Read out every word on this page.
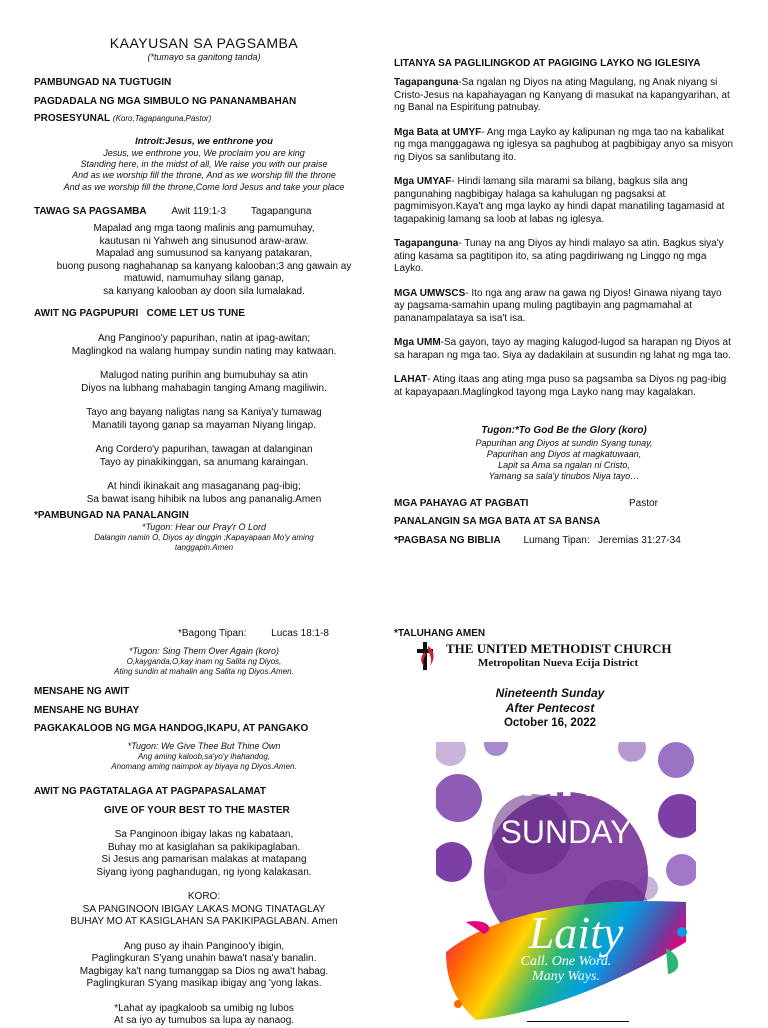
KAAYUSAN SA PAGSAMBA
(*tumayo sa ganitong tanda)
PAMBUNGAD NA TUGTUGIN
PAGDADALA NG MGA SIMBULO NG PANANAMBAHAN
PROSESYUNAL (Koro,Tagapanguna,Pastor)
Introit:Jesus, we enthrone you
Jesus, we enthrone you, We proclaim you are king
Standing here, in the midst of all, We raise you with our praise
And as we worship fill the throne, And as we worship fill the throne
And as we worship fill the throne,Come lord Jesus and take your place
TAWAG SA PAGSAMBA Awit 119:1-3 Tagapanguna
Mapalad ang mga taong malinis ang pamumuhay,
kautusan ni Yahweh ang sinusunod araw-araw.
Mapalad ang sumusunod sa kanyang patakaran,
buong pusong naghahanap sa kanyang kalooban;3 ang gawain ay
matuwid, namumuhay silang ganap,
sa kanyang kalooban ay doon sila lumalakad.
AWIT NG PAGPUPURI   COME LET US TUNE
Ang Panginoo'y papurihan, natin at ipag-awitan;
Maglingkod na walang humpay sundin nating may katwaan.
Malugod nating purihin ang bumubuhay sa atin
Diyos na lubhang mahabagin tanging Amang magiliwin.
Tayo ang bayang naligtas nang sa Kaniya'y tumawag
Manatili tayong ganap sa mayaman Niyang lingap.
Ang Cordero'y papurihan, tawagan at dalanginan
Tayo ay pinakikinggan, sa anumang karaingan.
At hindi ikinakait ang masaganang pag-ibig;
Sa bawat isang hihibik na lubos ang pananalig.Amen
*PAMBUNGAD NA PANALANGIN
*Tugon: Hear our Pray'r O Lord
Dalangin namin O, Diyos ay dinggin ;Kapayapaan Mo'y aming
tanggapin.Amen
*Bagong Tipan: Lucas 18:1-8
*Tugon: Sing Them Over Again (koro)
O,kayganda,O,kay inam ng Salita ng Diyos,
Ating sundin at mahalin ang Salita ng Diyos.Amen.
MENSAHE NG AWIT
MENSAHE NG BUHAY
PAGKAKALOOB NG MGA HANDOG,IKAPU, AT PANGAKO
*Tugon: We Give Thee But Thine Own
Ang aming kaloob,sa'yo'y ihahandog,
Anomang aming naimpok ay biyaya ng Diyos.Amen.
AWIT NG PAGTATALAGA AT PAGPAPASALAMAT
GIVE OF YOUR BEST TO THE MASTER
Sa Panginoon ibigay lakas ng kabataan,
Buhay mo at kasiglahan sa pakikipaglaban.
Si Jesus ang pamarisan malakas at matapang
Siyang iyong paghandugan, ng iyong kalakasan.
KORO:
SA PANGINOON IBIGAY LAKAS MONG TINATAGLAY
BUHAY MO AT KASIGLAHAN SA PAKIKIPAGLABAN. Amen
Ang puso ay ihain Panginoo'y ibigin,
Paglingkuran S'yang unahin bawa't nasa'y banalin.
Magbigay ka't nang tumanggap sa Dios ng awa't habag.
Paglingkuran S'yang masikap ibigay ang 'yong lakas.
*Lahat ay ipagkaloob sa umibig ng lubos
At sa iyo ay tumubos sa lupa ay nanaog.
LITANYA SA PAGLILINGKOD AT PAGIGING LAYKO NG IGLESIYA

Tagapanguna-Sa ngalan ng Diyos na ating Magulang, ng Anak niyang si Cristo-Jesus na kapahayagan ng Kanyang di masukat na kapangyarihan, at ng Banal na Espiritung patnubay.

Mga Bata at UMYF- Ang mga Layko ay kalipunan ng mga tao na kabalikat ng mga manggagawa ng iglesya sa paghubog at pagbibigay anyo sa misyon ng Diyos sa sanlibutang ito.

Mga UMYAF- Hindi lamang sila marami sa bilang, bagkus sila ang pangunahing nagbibigay halaga sa kahulugan ng pagsaksi at pagmimisyon.Kaya't ang mga layko ay hindi dapat manatiling tagamasid at tagapakinig lamang sa loob at labas ng iglesya.

Tagapanguna- Tunay na ang Diyos ay hindi malayo sa atin. Bagkus siya'y ating kasama sa pagtitipon ito, sa ating pagdiriwang ng Linggo ng mga Layko.

MGA UMWSCS- Ito nga ang araw na gawa ng Diyos! Ginawa niyang tayo ay pagsama-samahin upang muling pagtibayin ang pagmamahal at pananampalataya sa isa't isa.

Mga UMM-Sa gayon, tayo ay maging kalugod-lugod sa harapan ng Diyos at sa harapan ng mga tao. Siya ay dadakilain at susundin ng lahat ng mga tao.

LAHAT- Ating itaas ang ating mga puso sa pagsamba sa Diyos ng pag-ibig at kapayapaan.Maglingkod tayong mga Layko nang may kagalakan.

Tugon:*To God Be the Glory (koro)
Papurihan ang Diyos at sundin Syang tunay,
Papurihan ang Diyos at magkatuwaan,
Lapit sa Ama sa ngalan ni Cristo,
Yamang sa sala'y tinubos Niya tayo…
MGA PAHAYAG AT PAGBATI	Pastor
PANALANGIN SA MGA BATA AT SA BANSA
*PAGBASA NG BIBLIA Lumang Tipan:   Jeremias 31:27-34
*TALUHANG AMEN
THE UNITED METHODIST CHURCH
Metropolitan Nueva Ecija District
Nineteenth Sunday
After Pentecost
October 16, 2022
LAITY
SUNDAY
Laity
Call. One Word.
Many Ways.
